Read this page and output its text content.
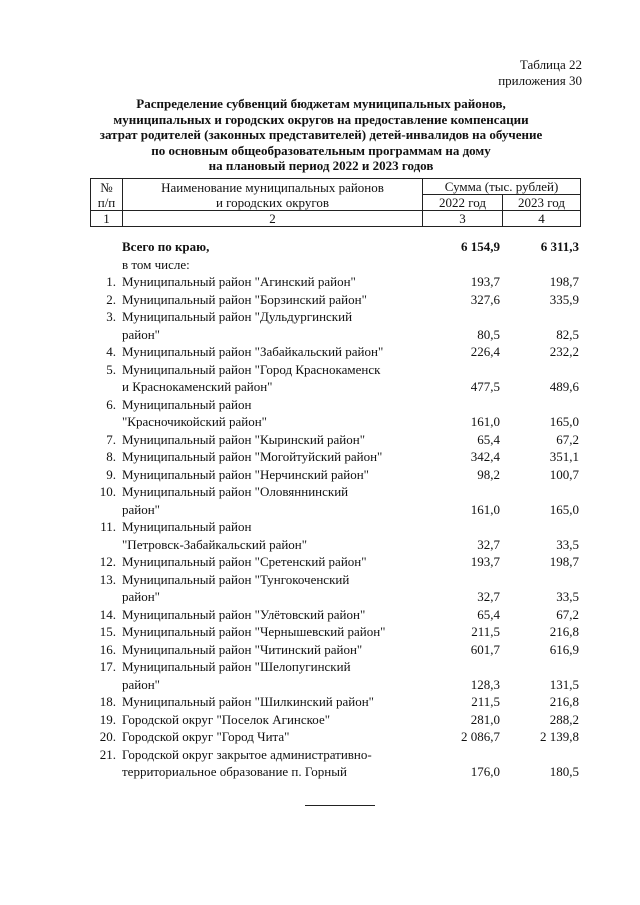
Таблица 22
приложения 30
Распределение субвенций бюджетам муниципальных районов,
муниципальных и городских округов на предоставление компенсации
затрат родителей (законных представителей) детей-инвалидов на обучение
по основным общеобразовательным программам на дому
на плановый период 2022 и 2023 годов
№
п/п	Наименование муниципальных районов
и городских округов	Сумма (тыс. рублей)	
		2022 год	2023 год
1	2	3	4
Всего по краю,	6 154,9	6 311,3
в том числе:
1. Муниципальный район "Агинский район"	193,7	198,7
2. Муниципальный район "Борзинский район"	327,6	335,9
3. Муниципальный район "Дульдургинский
район"	80,5	82,5
4. Муниципальный район "Забайкальский район"	226,4	232,2
5. Муниципальный район "Город Краснокаменск
и Краснокаменский район"	477,5	489,6
6. Муниципальный район
"Красночикойский район"	161,0	165,0
7. Муниципальный район "Кыринский район"	65,4	67,2
8. Муниципальный район "Могойтуйский район"	342,4	351,1
9. Муниципальный район "Нерчинский район"	98,2	100,7
10. Муниципальный район "Оловяннинский
район"	161,0	165,0
11. Муниципальный район
"Петровск-Забайкальский район"	32,7	33,5
12. Муниципальный район "Сретенский район"	193,7	198,7
13. Муниципальный район "Тунгокоченский
район"	32,7	33,5
14. Муниципальный район "Улётовский район"	65,4	67,2
15. Муниципальный район "Чернышевский район"	211,5	216,8
16. Муниципальный район "Читинский район"	601,7	616,9
17. Муниципальный район "Шелопугинский
район"	128,3	131,5
18. Муниципальный район "Шилкинский район"	211,5	216,8
19. Городской округ "Поселок Агинское"	281,0	288,2
20. Городской округ "Город Чита"	2 086,7	2 139,8
21. Городской округ закрытое административно-
территориальное образование п. Горный	176,0	180,5
